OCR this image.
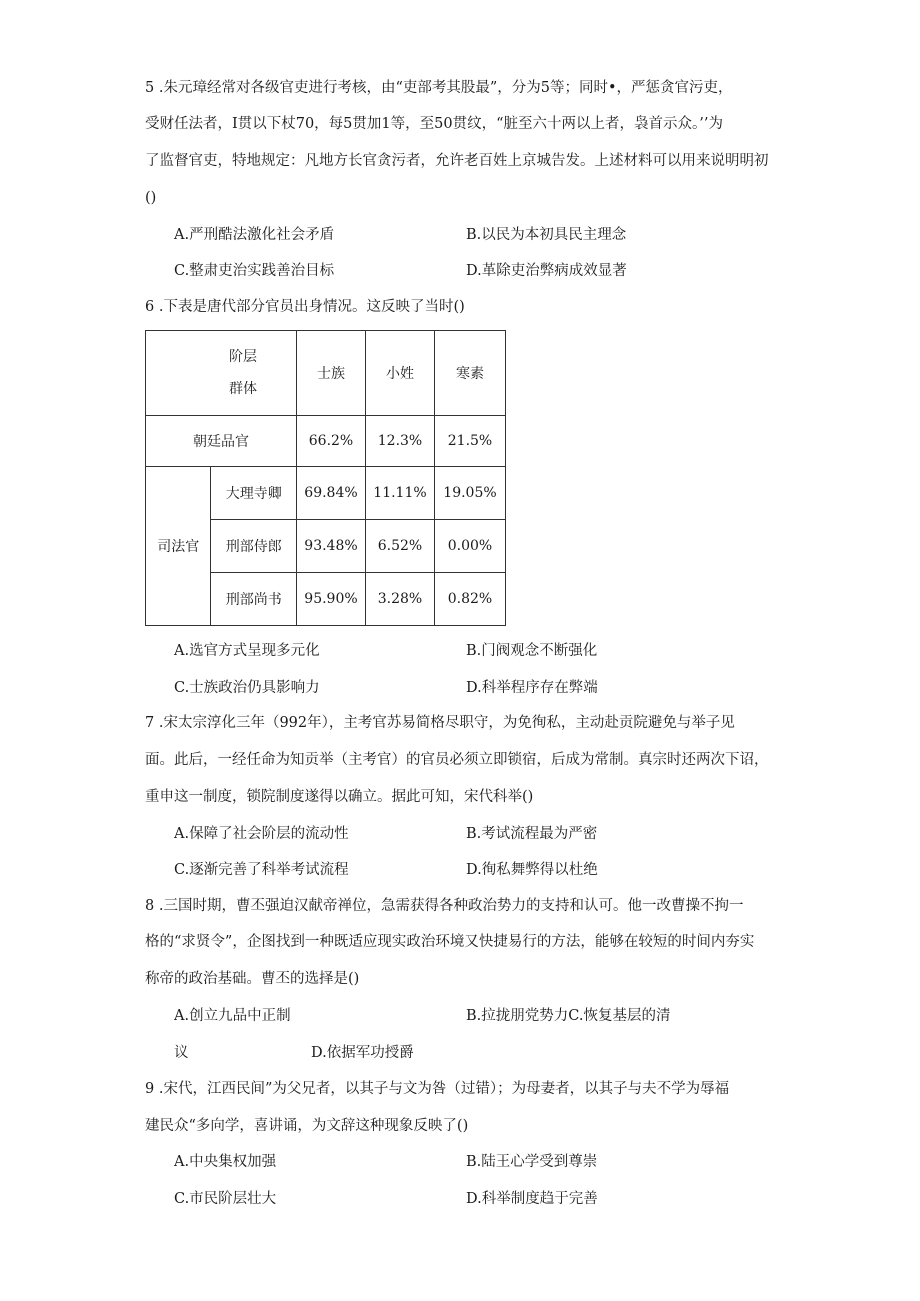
5 .朱元璋经常对各级官吏进行考核，由“吏部考其股最”，分为5等；同时•，严惩贪官污吏，
受财任法者，I贯以下杖70，每5贯加1等，至50贯纹，“脏至六十两以上者，袅首示众。’’为
了监督官吏，特地规定：凡地方长官贪污者，允许老百姓上京城告发。上述材料可以用来说明明初
()
A.严刑酷法激化社会矛盾	B.以民为本初具民主理念
C.整肃吏治实践善治目标	D.革除吏治弊病成效显著
6 .下表是唐代部分官员出身情况。这反映了当时()
阶层
群体		士族	小姓	寒素
朝廷品官		66.2%	12.3%	21.5%
司法官	大理寺卿	69.84%	11.11%	19.05%
	刑部侍郎	93.48%	6.52%	0.00%
	刑部尚书	95.90%	3.28%	0.82%
A.选官方式呈现多元化	B.门阀观念不断强化
C.士族政治仍具影响力	D.科举程序存在弊端
7 .宋太宗淳化三年（992年），主考官苏易简格尽职守，为免徇私，主动赴贡院避免与举子见
面。此后，一经任命为知贡举（主考官）的官员必须立即锁宿，后成为常制。真宗时还两次下诏，
重申这一制度，锁院制度遂得以确立。据此可知，宋代科举()
A.保障了社会阶层的流动性	B.考试流程最为严密
C.逐渐完善了科举考试流程	D.徇私舞弊得以杜绝
8 .三国时期，曹丕强迫汉献帝禅位，急需获得各种政治势力的支持和认可。他一改曹操不拘一
格的“求贤令”，企图找到一种既适应现实政治环境又快捷易行的方法，能够在较短的时间内夯实
称帝的政治基础。曹丕的选择是()
A.创立九品中正制	B.拉拢朋党势力C.恢复基层的清
议	D.依据军功授爵
9 .宋代，江西民间”为父兄者，以其子与文为咎（过错）；为母妻者，以其子与夫不学为辱福
建民众“多向学，喜讲诵，为文辞这种现象反映了()
A.中央集权加强	B.陆王心学受到尊崇
C.市民阶层壮大	D.科举制度趋于完善
